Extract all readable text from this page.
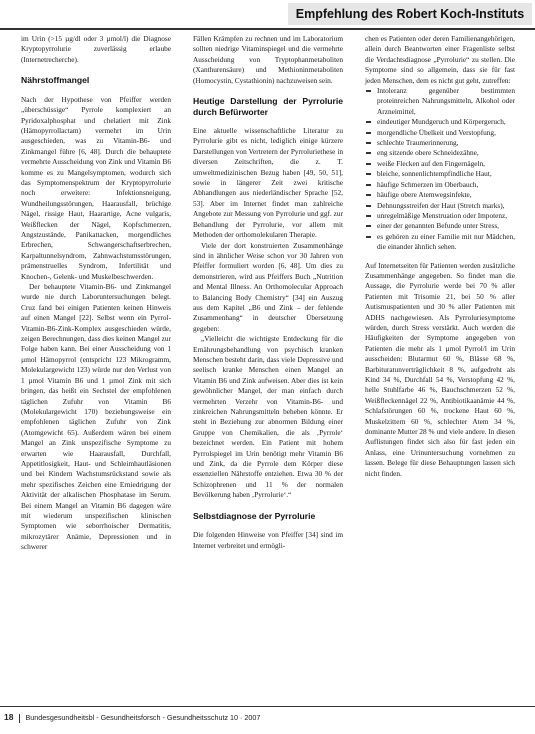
Empfehlung des Robert Koch-Instituts

im Urin (>15 µg/dl oder 3 µmol/l) die Diagnose Kryptopyrrolurie zuverlässig erlaube (Internetrecherche).

Nährstoffmangel

Nach der Hypothese von Pfeiffer werden „überschüssige“ Pyrrole komplexiert an Pyridoxalphosphat und chelatiert mit Zink (Hämopyrrollactam) vermehrt im Urin ausgeschieden, was zu Vitamin-B6- und Zinkmangel führe [6, 48]. Durch die behauptete vermehrte Ausscheidung von Zink und Vitamin B6 komme es zu Mangelsymptomen, wodurch sich das Symptomenspektrum der Kryptopyrrolurie noch erweitere: Infektionsneigung, Wundheilungsstörungen, Haarausfall, brüchige Nägel, rissige Haut, Haarartige, Acne vulgaris, Weißflecken der Nägel, Kopfschmerzen, Angstzustände, Panikattacken, morgendliches Erbrechen, Schwangerschaftserbrechen, Karpaltunnelsyndrom, Zahnwachstumsstörungen, prämenstruelles Syndrom, Infertilität und Knochen-, Gelenk- und Muskelbeschwerden.

Der behauptete Vitamin-B6- und Zinkmangel wurde nie durch Laboruntersuchungen belegt. Cruz fand bei einigen Patienten keinen Hinweis auf einen Mangel [22]. Selbst wenn ein Pyrrol-Vitamin-B6-Zink-Komplex ausgeschieden würde, zeigen Berechnungen, dass dies keinen Mangel zur Folge haben kann. Bei einer Ausscheidung von 1 µmol Hämopyrrol (entspricht 123 Mikrogramm, Molekulargewicht 123) würde nur den Verlust von 1 µmol Vitamin B6 und 1 µmol Zink mit sich bringen, das heißt ein Sechstel der empfohlenen täglichen Zufuhr von Vitamin B6 (Molekulargewicht 170) beziehungsweise ein empfohlenen täglichen Zufuhr von Zink (Atomgewicht 65). Außerdem wären bei einem Mangel an Zink unspezifische Symptome zu erwarten wie Haarausfall, Durchfall, Appetitlosigkeit, Haut- und Schleimhautläsionen und bei Kindern Wachstumsrückstand sowie als mehr spezifisches Zeichen eine Erniedrigung der Aktivität der alkalischen Phosphatase im Serum. Bei einem Mangel an Vitamin B6 dagegen wäre mit wiederum unspezifischen klinischen Symptomen wie seborrhoischer Dermatitis, mikrozytärer Anämie, Depressionen und in schwerer

Fällen Krämpfen zu rechnen und im Laboratorium sollten niedrige Vitaminspiegel und die vermehrte Ausscheidung von Tryptophanmetaboliten (Xanthurensäure) und Methioninmetaboliten (Homocystin, Cystathionin) nachzuweisen sein.

Heutige Darstellung der Pyrrolurie durch Befürworter

Eine aktuelle wissenschaftliche Literatur zu Pyrrolurie gibt es nicht, lediglich einige kürzere Darstellungen von Vertretern der Pyrroluriethese in diversen Zeitschriften, die z. T. umweltmedizinischen Bezug haben [49, 50, 51], sowie in längerer Zeit zwei kritische Abhandlungen aus niederländischer Sprache [52, 53]. Aber im Internet findet man zahlreiche Angebote zur Messung von Pyrrolurie und ggf. zur Behandlung der Pyrrolurie, vor allem mit Methoden der orthomolekularen Therapie.

Viele der dort konstruierten Zusammenhänge sind in ähnlicher Weise schon vor 30 Jahren von Pfeiffer formuliert worden [6, 48]. Um dies zu demonstrieren, wird aus Pfeiffers Buch „Nutrition and Mental Illness. An Orthomolecular Approach to Balancing Body Chemistry“ [34] ein Auszug aus dem Kapitel „B6 und Zink – der fehlende Zusammenhang“ in deutscher Übersetzung gegeben:

„Vielleicht die wichtigste Entdeckung für die Ernährungsbehandlung von psychisch kranken Menschen besteht darin, dass viele Depressive und seelisch kranke Menschen einen Mangel an Vitamin B6 und Zink aufweisen. Aber dies ist kein gewöhnlicher Mangel, der man einfach durch vermehrten Verzehr von Vitamin-B6- und zinkreichen Nahrungsmitteln beheben könnte. Er steht in Beziehung zur abnormen Bildung einer Gruppe von Chemikalien, die als ‚Pyrrole‘ bezeichnet werden. Ein Patient mit hohem Pyrrolspiegel im Urin benötigt mehr Vitamin B6 und Zink, da die Pyrrole dem Körper diese essenziellen Nährstoffe entziehen. Etwa 30 % der Schizophrenen und 11 % der normalen Bevölkerung haben ‚Pyrrolurie‘.“

Selbstdiagnose der Pyrrolurie

Die folgenden Hinweise von Pfeiffer [34] sind im Internet verbreitet und ermögli-

chen es Patienten oder deren Familienangehörigen, allein durch Beantworten einer Fragenliste selbst die Verdachtsdiagnose „Pyrrolurie“ zu stellen. Die Symptome sind so allgemein, dass sie für fast jeden Menschen, dem es nicht gut geht, zutreffen:

Intoleranz gegenüber bestimmten proteinreichen Nahrungsmitteln, Alkohol oder Arzneimittel,
eindeutiger Mundgeruch und Körpergeruch,
morgendliche Übelkeit und Verstopfung,
schlechte Traumerinnerung,
eng sitzende obere Schneidezähne,
weiße Flecken auf den Fingernägeln,
bleiche, sonnenlichtempfindliche Haut,
häufige Schmerzen im Oberbauch,
häufige obere Atemwegsinfekte,
Dehnungsstreifen der Haut (Stretch marks),
unregelmäßige Menstruation oder Impotenz,
einer der genannten Befunde unter Stress,
es gehören zu einer Familie mit nur Mädchen, die einander ähnlich sehen.

Auf Internetseiten für Patienten werden zusätzliche Zusammenhänge angegeben. So findet man die Aussage, die Pyrrolurie werde bei 70 % aller Patienten mit Trisomie 21, bei 50 % aller Autismuspatienten und 30 % aller Patienten mit ADHS nachgewiesen. Als Pyrroluriesymptome würden, durch Stress verstärkt. Auch werden die Häufigkeiten der Symptome angegeben von Patienten die mehr als 1 µmol Pyrrol/l im Urin ausscheiden: Blutarmut 60 %, Blässe 68 %, Barbituratunverträglichkeit 8 %, aufgedreht als Kind 34 %, Durchfall 54 %, Verstopfung 42 %, helle Stuhlfarbe 46 %, Bauchschmerzen 52 %, Weißfleckennägel 22 %, Antibiotikaanämie 44 %, Schlafstörungen 60 %, trockene Haut 60 %, Muskelzittern 60 %, schlechter Atem 34 %, dominante Mutter 28 % und viele andere. In diesen Auflistungen findet sich also für fast jeden ein Anlass, eine Urinuntersuchung vornehmen zu lassen. Belege für diese Behauptungen lassen sich nicht finden.

18 Bundesgesundheitsbl - Gesundheitsforsch - Gesundheitsschutz 10 · 2007
